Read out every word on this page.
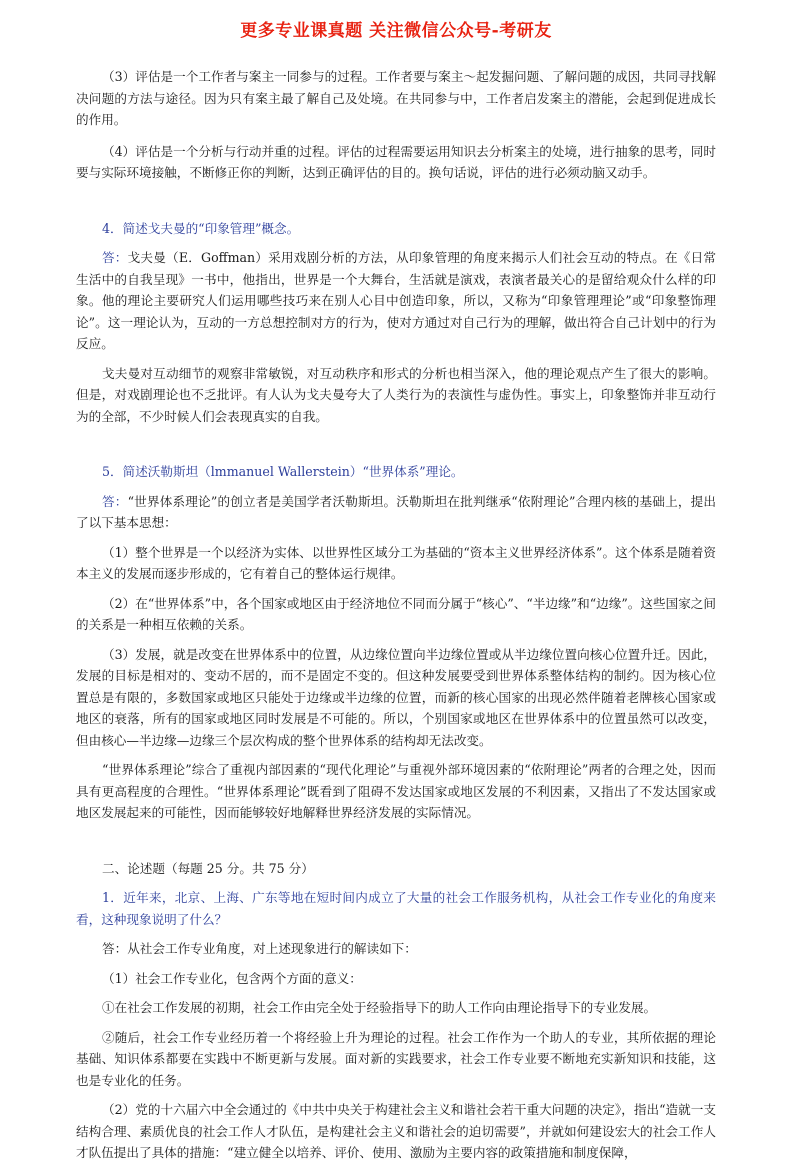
更多专业课真题 关注微信公众号-考研友

（3）评估是一个工作者与案主一同参与的过程。工作者要与案主～起发掘问题、了解问题的成因，共同寻找解决问题的方法与途径。因为只有案主最了解自己及处境。在共同参与中，工作者启发案主的潜能，会起到促进成长的作用。

（4）评估是一个分析与行动并重的过程。评估的过程需要运用知识去分析案主的处境，进行抽象的思考，同时要与实际环境接触，不断修正你的判断，达到正确评估的目的。换句话说，评估的进行必须动脑又动手。

4．简述戈夫曼的“印象管理”概念。

答：戈夫曼（E．Goffman）采用戏剧分析的方法，从印象管理的角度来揭示人们社会互动的特点。在《日常生活中的自我呈现》一书中，他指出，世界是一个大舞台，生活就是演戏，表演者最关心的是留给观众什么样的印象。他的理论主要研究人们运用哪些技巧来在别人心目中创造印象，所以，又称为“印象管理理论”或“印象整饰理论”。这一理论认为，互动的一方总想控制对方的行为，使对方通过对自己行为的理解，做出符合自己计划中的行为反应。

戈夫曼对互动细节的观察非常敏锐，对互动秩序和形式的分析也相当深入，他的理论观点产生了很大的影响。但是，对戏剧理论也不乏批评。有人认为戈夫曼夸大了人类行为的表演性与虚伪性。事实上，印象整饰并非互动行为的全部，不少时候人们会表现真实的自我。

5．简述沃勒斯坦（lmmanuel Wallerstein）“世界体系”理论。

答：“世界体系理论”的创立者是美国学者沃勒斯坦。沃勒斯坦在批判继承“依附理论”合理内核的基础上，提出了以下基本思想：

（1）整个世界是一个以经济为实体、以世界性区域分工为基础的“资本主义世界经济体系”。这个体系是随着资本主义的发展而逐步形成的，它有着自己的整体运行规律。

（2）在“世界体系”中，各个国家或地区由于经济地位不同而分属于“核心”、“半边缘”和“边缘”。这些国家之间的关系是一种相互依赖的关系。

（3）发展，就是改变在世界体系中的位置，从边缘位置向半边缘位置或从半边缘位置向核心位置升迁。因此，发展的目标是相对的、变动不居的，而不是固定不变的。但这种发展要受到世界体系整体结构的制约。因为核心位置总是有限的，多数国家或地区只能处于边缘或半边缘的位置，而新的核心国家的出现必然伴随着老牌核心国家或地区的衰落，所有的国家或地区同时发展是不可能的。所以，个别国家或地区在世界体系中的位置虽然可以改变，但由核心—半边缘—边缘三个层次构成的整个世界体系的结构却无法改变。

“世界体系理论”综合了重视内部因素的“现代化理论”与重视外部环境因素的“依附理论”两者的合理之处，因而具有更高程度的合理性。“世界体系理论”既看到了阻碍不发达国家或地区发展的不利因素，又指出了不发达国家或地区发展起来的可能性，因而能够较好地解释世界经济发展的实际情况。

二、论述题（每题 25 分。共 75 分）

1．近年来，北京、上海、广东等地在短时间内成立了大量的社会工作服务机构，从社会工作专业化的角度来看，这种现象说明了什么？

答：从社会工作专业角度，对上述现象进行的解读如下：

（1）社会工作专业化，包含两个方面的意义：

①在社会工作发展的初期，社会工作由完全处于经验指导下的助人工作向由理论指导下的专业发展。

②随后，社会工作专业经历着一个将经验上升为理论的过程。社会工作作为一个助人的专业，其所依据的理论基础、知识体系都要在实践中不断更新与发展。面对新的实践要求，社会工作专业要不断地充实新知识和技能，这也是专业化的任务。

（2）党的十六届六中全会通过的《中共中央关于构建社会主义和谐社会若干重大问题的决定》，指出“造就一支结构合理、素质优良的社会工作人才队伍，是构建社会主义和谐社会的迫切需要”，并就如何建设宏大的社会工作人才队伍提出了具体的措施：“建立健全以培养、评价、使用、激励为主要内容的政策措施和制度保障，
